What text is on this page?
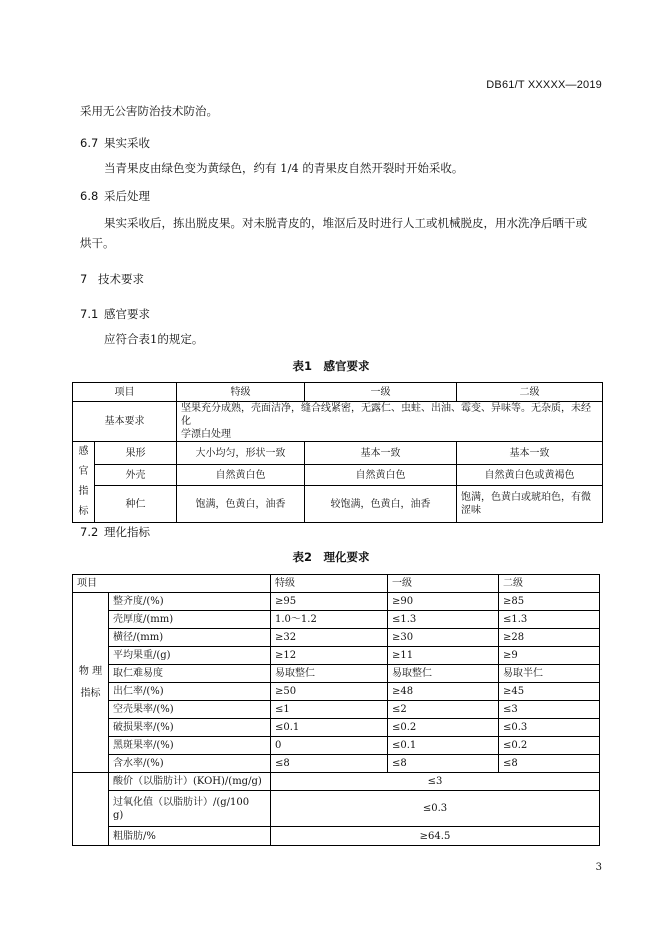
DB61/T XXXXX—2019
采用无公害防治技术防治。
6.7 果实采收
当青果皮由绿色变为黄绿色，约有 1/4 的青果皮自然开裂时开始采收。
6.8 采后处理
果实采收后，拣出脱皮果。对未脱青皮的，堆沤后及时进行人工或机械脱皮，用水洗净后晒干或
烘干。
7 技术要求
7.1 感官要求
应符合表1的规定。
表1　感官要求
项目		特级	一级	二级
基本要求		坚果充分成熟，壳面洁净，缝合线紧密，无露仁、虫蛀、出油、霉变、异味等。无杂质，未经化
学漂白处理		

感
官
指
标	果形	大小均匀，形状一致	基本一致	基本一致
	外壳	自然黄白色	自然黄白色	自然黄白色或黄褐色
	种仁	饱满，色黄白，油香	较饱满，色黄白，油香	饱满，色黄白或琥珀色，有微
涩味
7.2 理化指标
表2　理化要求
项目		特级	一级	二级

物 理
指标	整齐度/(%)	≥95	≥90	≥85
	壳厚度/(mm)	1.0～1.2	≤1.3	≤1.3
	横径/(mm)	≥32	≥30	≥28
	平均果重/(g)	≥12	≥11	≥9
	取仁难易度	易取整仁	易取整仁	易取半仁
	出仁率/(%)	≥50	≥48	≥45
	空壳果率/(%)	≤1	≤2	≤3
	破损果率/(%)	≤0.1	≤0.2	≤0.3
	黑斑果率/(%)	0	≤0.1	≤0.2
	含水率/(%)	≤8	≤8	≤8
	酸价（以脂肪计）(KOH)/(mg/g)	≤3		

	过氧化值（以脂肪计）/(g/100
g)	≤0.3		
	粗脂肪/%	≥64.5		
3
